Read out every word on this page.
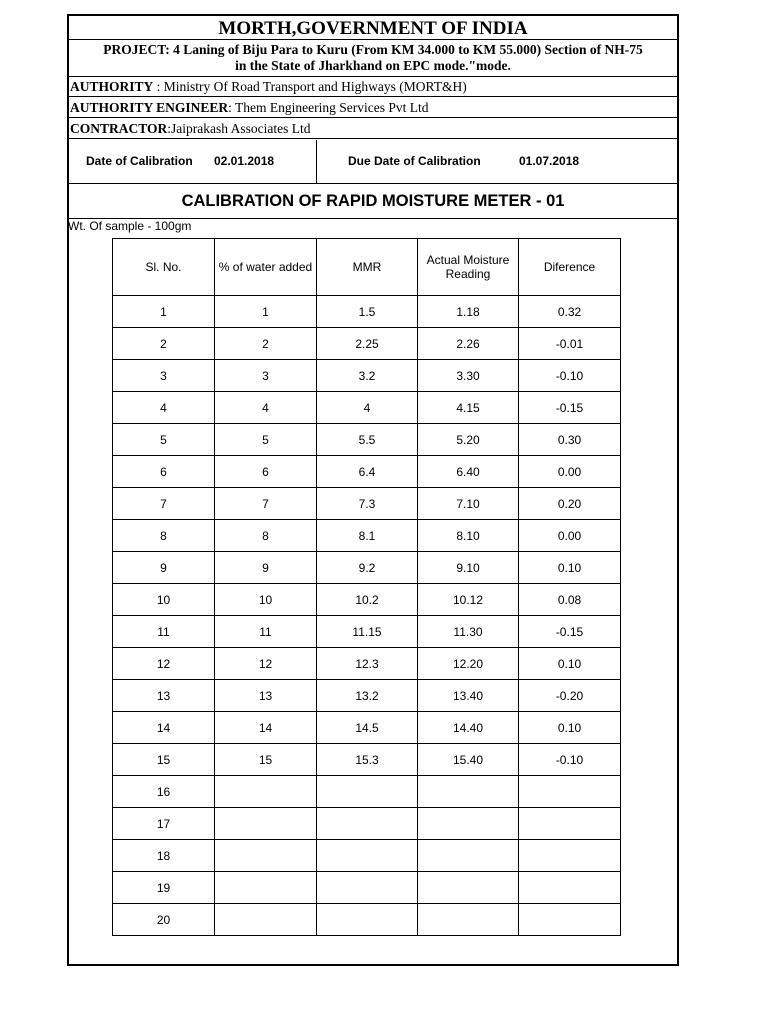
MORTH,GOVERNMENT OF INDIA
PROJECT: 4 Laning of Biju Para to Kuru (From KM 34.000 to KM 55.000) Section of NH-75
in the State of Jharkhand on EPC mode."mode.
AUTHORITY : Ministry Of Road Transport and Highways (MORT&H)
AUTHORITY ENGINEER: Them Engineering Services Pvt Ltd
CONTRACTOR:Jaiprakash Associates Ltd
Date of Calibration 02.01.2018	Due Date of Calibration	01.07.2018
CALIBRATION OF RAPID MOISTURE METER - 01
Wt. Of sample - 100gm
Sl. No.	% of water added	MMR	Actual Moisture Reading	Diference
1	1	1.5	1.18	0.32
2	2	2.25	2.26	-0.01
3	3	3.2	3.30	-0.10
4	4	4	4.15	-0.15
5	5	5.5	5.20	0.30
6	6	6.4	6.40	0.00
7	7	7.3	7.10	0.20
8	8	8.1	8.10	0.00
9	9	9.2	9.10	0.10
10	10	10.2	10.12	0.08
11	11	11.15	11.30	-0.15
12	12	12.3	12.20	0.10
13	13	13.2	13.40	-0.20
14	14	14.5	14.40	0.10
15	15	15.3	15.40	-0.10
16				
17				
18				
19				
20				
